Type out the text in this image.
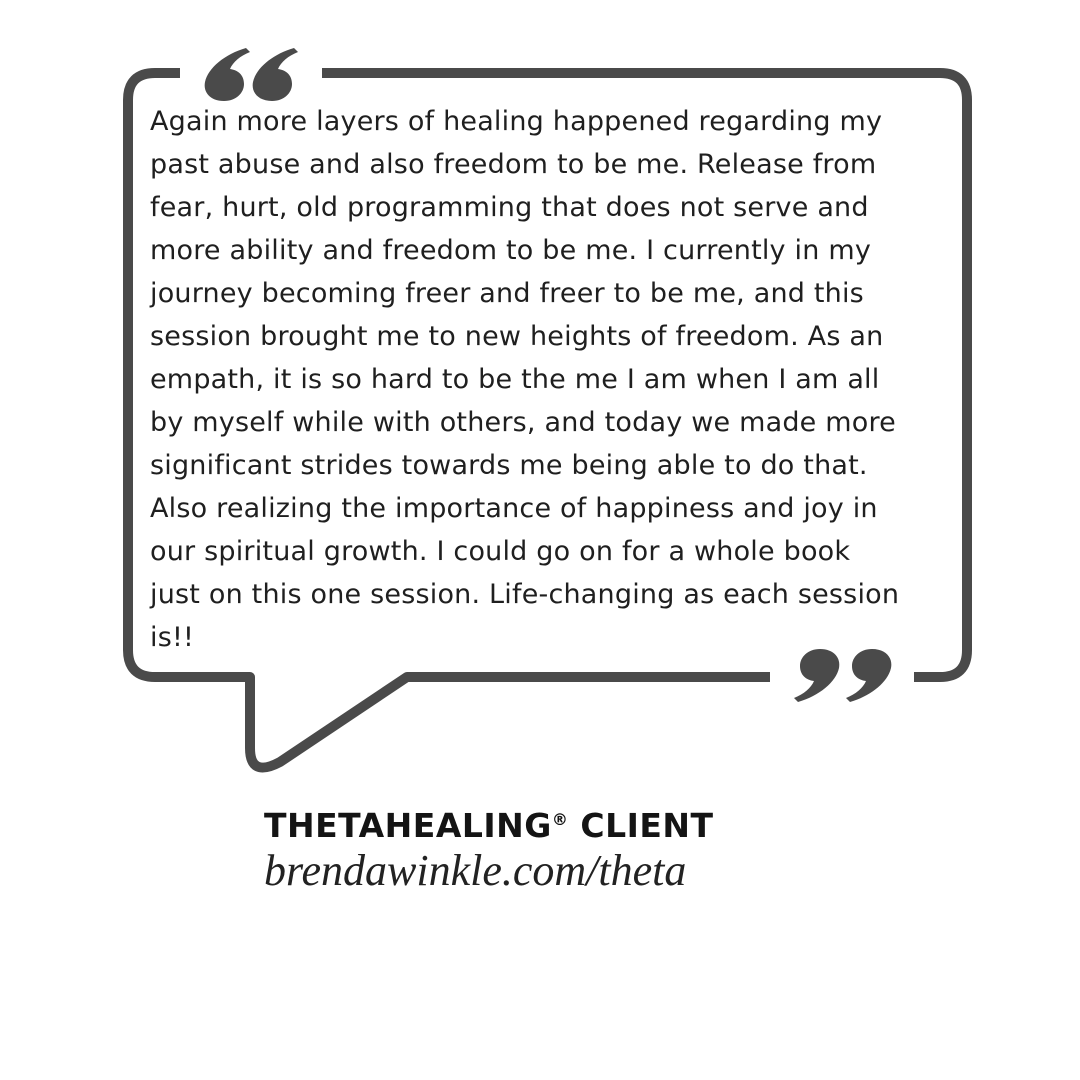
Again more layers of healing happened regarding my
past abuse and also freedom to be me. Release from
fear, hurt, old programming that does not serve and
more ability and freedom to be me. I currently in my
journey becoming freer and freer to be me, and this
session brought me to new heights of freedom. As an
empath, it is so hard to be the me I am when I am all
by myself while with others, and today we made more
significant strides towards me being able to do that.
Also realizing the importance of happiness and joy in
our spiritual growth. I could go on for a whole book
just on this one session. Life-changing as each session
is!!

THETAHEALING® CLIENT
brendawinkle.com/theta
